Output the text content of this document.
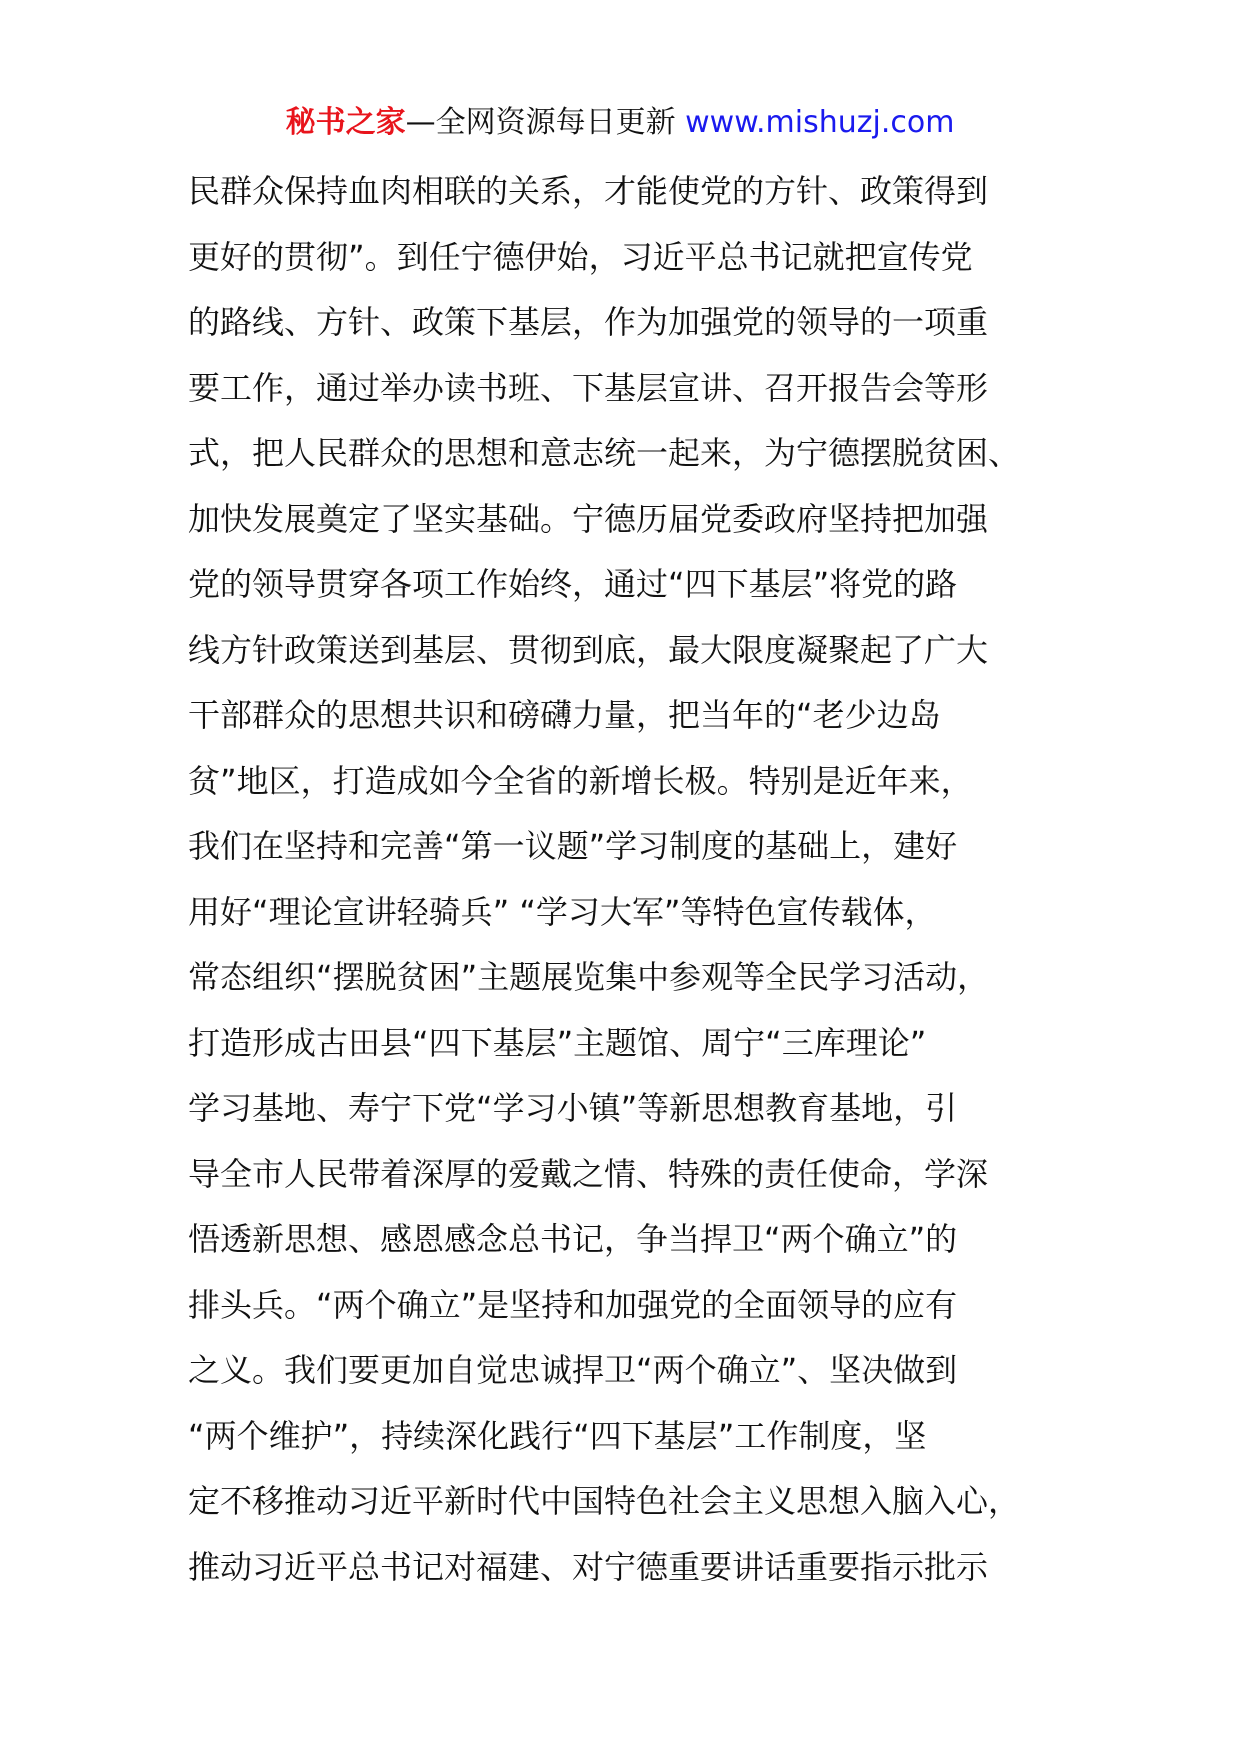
秘书之家—全网资源每日更新 www.mishuzj.com
民群众保持血肉相联的关系，才能使党的方针、政策得到
更好的贯彻”。到任宁德伊始，习近平总书记就把宣传党
的路线、方针、政策下基层，作为加强党的领导的一项重
要工作，通过举办读书班、下基层宣讲、召开报告会等形
式，把人民群众的思想和意志统一起来，为宁德摆脱贫困、
加快发展奠定了坚实基础。宁德历届党委政府坚持把加强
党的领导贯穿各项工作始终，通过“四下基层”将党的路
线方针政策送到基层、贯彻到底，最大限度凝聚起了广大
干部群众的思想共识和磅礴力量，把当年的“老少边岛
贫”地区，打造成如今全省的新增长极。特别是近年来，
我们在坚持和完善“第一议题”学习制度的基础上，建好
用好“理论宣讲轻骑兵” “学习大军”等特色宣传载体，
常态组织“摆脱贫困”主题展览集中参观等全民学习活动，
打造形成古田县“四下基层”主题馆、周宁“三库理论”
学习基地、寿宁下党“学习小镇”等新思想教育基地，引
导全市人民带着深厚的爱戴之情、特殊的责任使命，学深
悟透新思想、感恩感念总书记，争当捍卫“两个确立”的
排头兵。“两个确立”是坚持和加强党的全面领导的应有
之义。我们要更加自觉忠诚捍卫“两个确立”、坚决做到
“两个维护”，持续深化践行“四下基层”工作制度，坚
定不移推动习近平新时代中国特色社会主义思想入脑入心，
推动习近平总书记对福建、对宁德重要讲话重要指示批示
